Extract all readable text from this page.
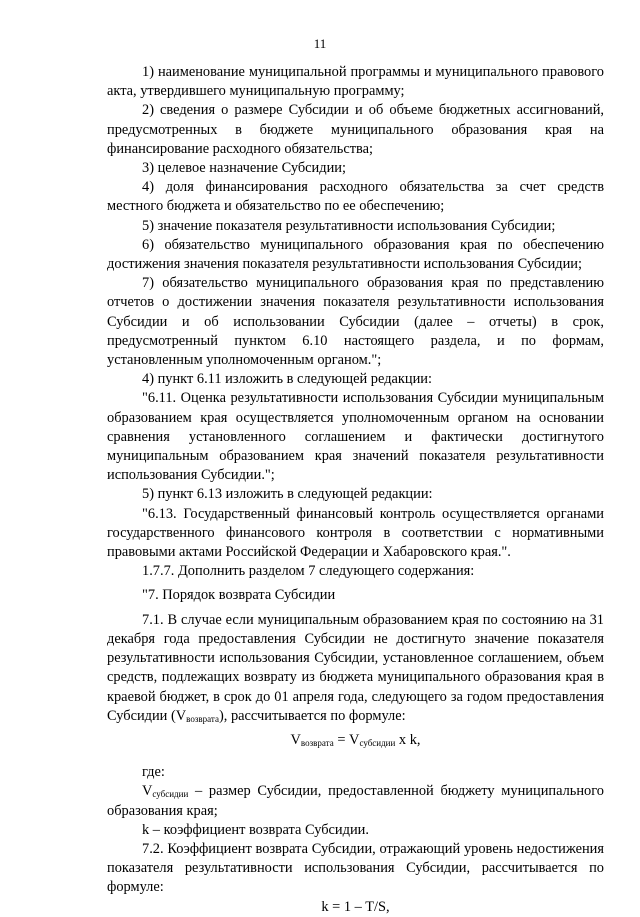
11

1) наименование муниципальной программы и муниципального правового акта, утвердившего муниципальную программу;

2) сведения о размере Субсидии и об объеме бюджетных ассигнований, предусмотренных в бюджете муниципального образования края на финансирование расходного обязательства;

3) целевое назначение Субсидии;

4) доля финансирования расходного обязательства за счет средств местного бюджета и обязательство по ее обеспечению;

5) значение показателя результативности использования Субсидии;

6) обязательство муниципального образования края по обеспечению достижения значения показателя результативности использования Субсидии;

7) обязательство муниципального образования края по представлению отчетов о достижении значения показателя результативности использования Субсидии и об использовании Субсидии (далее – отчеты) в срок, предусмотренный пунктом 6.10 настоящего раздела, и по формам, установленным уполномоченным органом.";

4) пункт 6.11 изложить в следующей редакции:

"6.11. Оценка результативности использования Субсидии муниципальным образованием края осуществляется уполномоченным органом на основании сравнения установленного соглашением и фактически достигнутого муниципальным образованием края значений показателя результативности использования Субсидии.";

5) пункт 6.13 изложить в следующей редакции:

"6.13. Государственный финансовый контроль осуществляется органами государственного финансового контроля в соответствии с нормативными правовыми актами Российской Федерации и Хабаровского края.".

1.7.7. Дополнить разделом 7 следующего содержания:

"7. Порядок возврата Субсидии

7.1. В случае если муниципальным образованием края по состоянию на 31 декабря года предоставления Субсидии не достигнуто значение показателя результативности использования Субсидии, установленное соглашением, объем средств, подлежащих возврату из бюджета муниципального образования края в краевой бюджет, в срок до 01 апреля года, следующего за годом предоставления Субсидии $(V_{возврата})$, рассчитывается по формуле:

$V_{возврата} = V_{субсидии}$ x k,

где:

$V_{субсидии}$ – размер Субсидии, предоставленной бюджету муниципального образования края;

k – коэффициент возврата Субсидии.

7.2. Коэффициент возврата Субсидии, отражающий уровень недостижения показателя результативности использования Субсидии, рассчитывается по формуле:

k = 1 – T/S,
